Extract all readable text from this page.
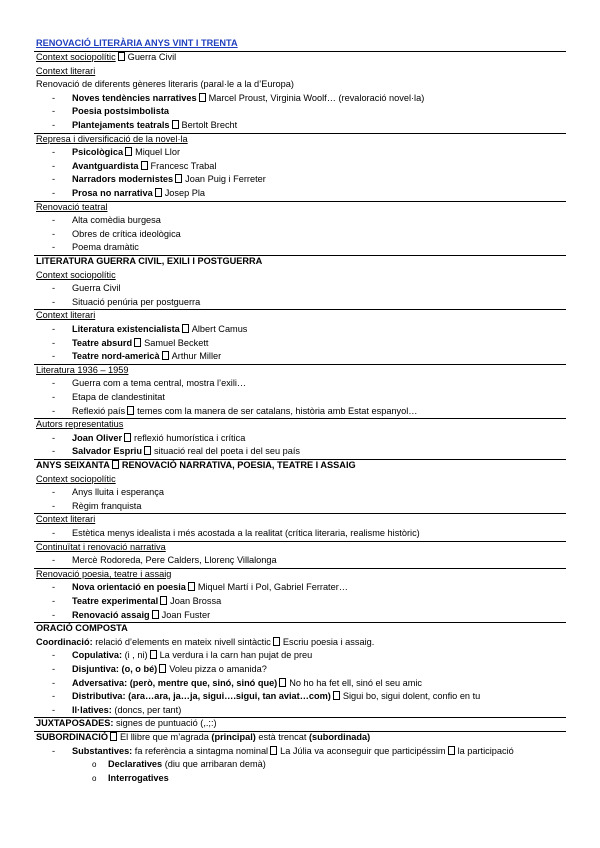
RENOVACIÓ LITERÀRIA ANYS VINT I TRENTA
Context sociopolític Guerra Civil
Context literari
Renovació de diferents gèneres literaris (paral·le a la d’Europa)
- Noves tendències narratives Marcel Proust, Virginia Woolf… (revaloració novel·la)
- Poesia postsimbolista
- Plantejaments teatrals Bertolt Brecht
Represa i diversificació de la novel·la
- Psicològica Miquel Llor
- Avantguardista Francesc Trabal
- Narradors modernistes Joan Puig i Ferreter
- Prosa no narrativa Josep Pla
Renovació teatral
- Alta comèdia burgesa
- Obres de crítica ideològica
- Poema dramàtic
LITERATURA GUERRA CIVIL, EXILI I POSTGUERRA
Context sociopolític
- Guerra Civil
- Situació penúria per postguerra
Context literari
- Literatura existencialista Albert Camus
- Teatre absurd Samuel Beckett
- Teatre nord-americà Arthur Miller
Literatura 1936 – 1959
- Guerra com a tema central, mostra l’exili…
- Etapa de clandestinitat
- Reflexió país temes com la manera de ser catalans, història amb Estat espanyol…
Autors representatius
- Joan Oliver reflexió humorística i crítica
- Salvador Espriu situació real del poeta i del seu país
ANYS SEIXANTA RENOVACIÓ NARRATIVA, POESIA, TEATRE I ASSAIG
Context sociopolític
- Anys lluita i esperança
- Règim franquista
Context literari
- Estètica menys idealista i més acostada a la realitat (crítica literaria, realisme històric)
Continuïtat i renovació narrativa
- Mercè Rodoreda, Pere Calders, Llorenç Villalonga
Renovació poesia, teatre i assaig
- Nova orientació en poesia Miquel Martí i Pol, Gabriel Ferrater…
- Teatre experimental Joan Brossa
- Renovació assaig Joan Fuster
ORACIÓ COMPOSTA
Coordinació: relació d’elements en mateix nivell sintàctic Escriu poesia i assaig.
- Copulativa: (i , ni) La verdura i la carn han pujat de preu
- Disjuntiva: (o, o bé) Voleu pizza o amanida?
- Adversativa: (però, mentre que, sinó, sinó que) No ho ha fet ell, sinó el seu amic
- Distributiva: (ara…ara, ja…ja, sigui….sigui, tan aviat…com) Sigui bo, sigui dolent, confio en tu
- Il·latives: (doncs, per tant)
JUXTAPOSADES: signes de puntuació (,.;:)
SUBORDINACIÓ El llibre que m’agrada (principal) està trencat (subordinada)
- Substantives: fa referència a sintagma nominal La Júlia va aconseguir que participéssim la participació
o Declaratives (diu que arribaran demà)
o Interrogatives
